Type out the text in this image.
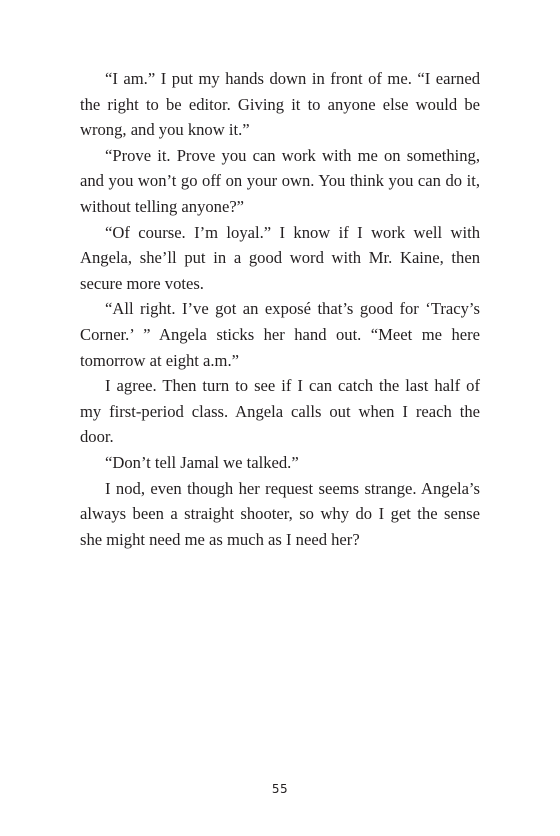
“I am.” I put my hands down in front of me. “I earned the right to be editor. Giving it to anyone else would be wrong, and you know it.”

“Prove it. Prove you can work with me on something, and you won’t go off on your own. You think you can do it, without telling anyone?”

“Of course. I’m loyal.” I know if I work well with Angela, she’ll put in a good word with Mr. Kaine, then secure more votes.

“All right. I’ve got an exposé that’s good for ‘Tracy’s Corner.’ ” Angela sticks her hand out. “Meet me here tomorrow at eight a.m.”

I agree. Then turn to see if I can catch the last half of my first-period class. Angela calls out when I reach the door.

“Don’t tell Jamal we talked.”

I nod, even though her request seems strange. Angela’s always been a straight shooter, so why do I get the sense she might need me as much as I need her?

55
